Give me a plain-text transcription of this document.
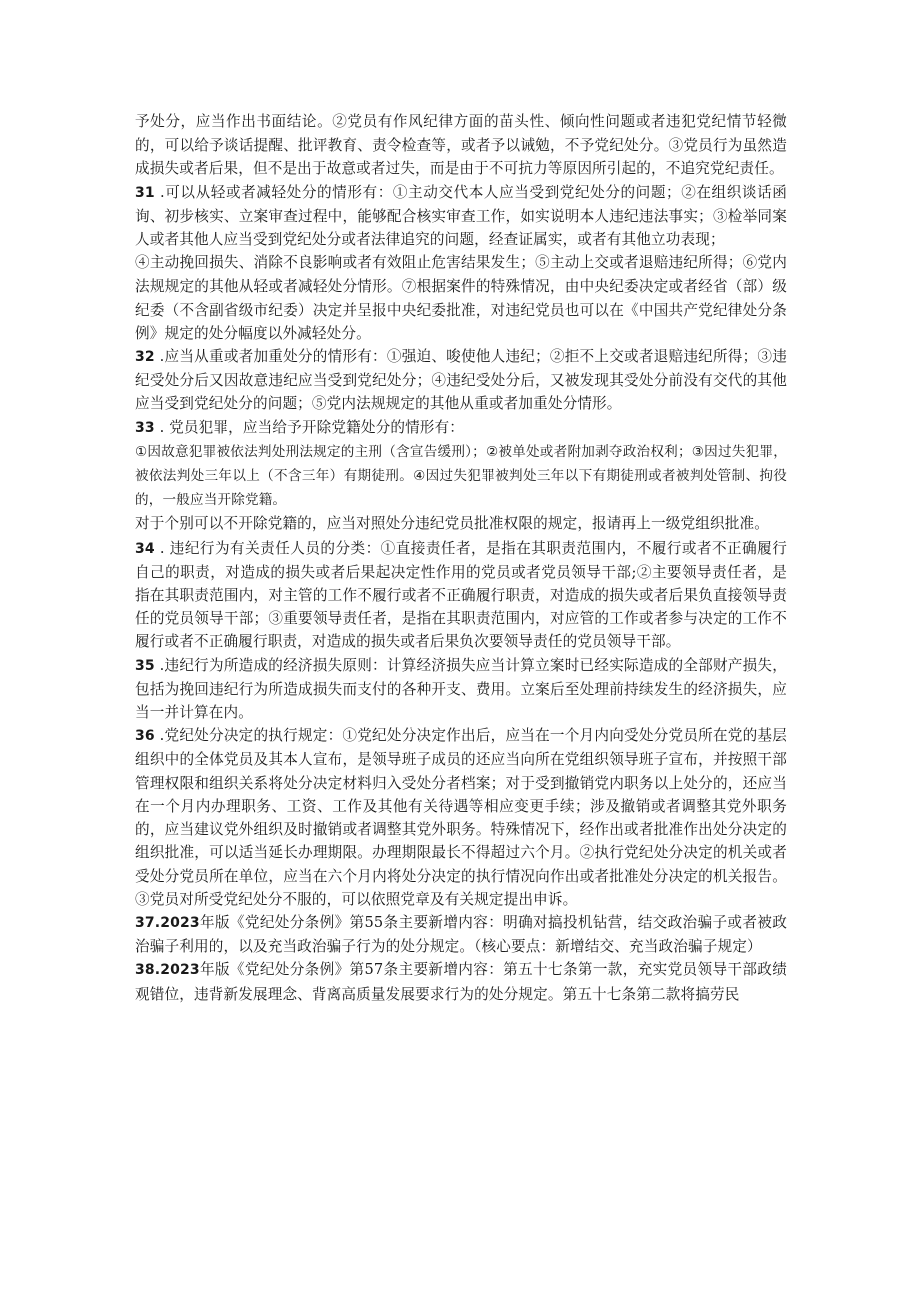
予处分，应当作出书面结论。②党员有作风纪律方面的苗头性、倾向性问题或者违犯党纪情节轻微的，可以给予谈话提醒、批评教育、责令检查等，或者予以诫勉，不予党纪处分。③党员行为虽然造成损失或者后果，但不是出于故意或者过失，而是由于不可抗力等原因所引起的，不追究党纪责任。

31 .可以从轻或者减轻处分的情形有：①主动交代本人应当受到党纪处分的问题；②在组织谈话函询、初步核实、立案审查过程中，能够配合核实审查工作，如实说明本人违纪违法事实；③检举同案人或者其他人应当受到党纪处分或者法律追究的问题，经查证属实，或者有其他立功表现；

④主动挽回损失、消除不良影响或者有效阻止危害结果发生；⑤主动上交或者退赔违纪所得；⑥党内法规规定的其他从轻或者减轻处分情形。⑦根据案件的特殊情况，由中央纪委决定或者经省（部）级纪委（不含副省级市纪委）决定并呈报中央纪委批准，对违纪党员也可以在《中国共产党纪律处分条例》规定的处分幅度以外减轻处分。

32 .应当从重或者加重处分的情形有：①强迫、唆使他人违纪；②拒不上交或者退赔违纪所得；③违纪受处分后又因故意违纪应当受到党纪处分；④违纪受处分后，又被发现其受处分前没有交代的其他应当受到党纪处分的问题；⑤党内法规规定的其他从重或者加重处分情形。

33 . 党员犯罪，应当给予开除党籍处分的情形有：

①因故意犯罪被依法判处刑法规定的主刑（含宣告缓刑）；②被单处或者附加剥夺政治权利；③因过失犯罪，被依法判处三年以上（不含三年）有期徒刑。④因过失犯罪被判处三年以下有期徒刑或者被判处管制、拘役的，一般应当开除党籍。

对于个别可以不开除党籍的，应当对照处分违纪党员批准权限的规定，报请再上一级党组织批准。

34 . 违纪行为有关责任人员的分类：①直接责任者，是指在其职责范围内，不履行或者不正确履行自己的职责，对造成的损失或者后果起决定性作用的党员或者党员领导干部;②主要领导责任者，是指在其职责范围内，对主管的工作不履行或者不正确履行职责，对造成的损失或者后果负直接领导责任的党员领导干部；③重要领导责任者，是指在其职责范围内，对应管的工作或者参与决定的工作不履行或者不正确履行职责，对造成的损失或者后果负次要领导责任的党员领导干部。

35 .违纪行为所造成的经济损失原则：计算经济损失应当计算立案时已经实际造成的全部财产损失，包括为挽回违纪行为所造成损失而支付的各种开支、费用。立案后至处理前持续发生的经济损失，应当一并计算在内。

36 .党纪处分决定的执行规定：①党纪处分决定作出后，应当在一个月内向受处分党员所在党的基层组织中的全体党员及其本人宣布，是领导班子成员的还应当向所在党组织领导班子宣布，并按照干部管理权限和组织关系将处分决定材料归入受处分者档案；对于受到撤销党内职务以上处分的，还应当在一个月内办理职务、工资、工作及其他有关待遇等相应变更手续；涉及撤销或者调整其党外职务的，应当建议党外组织及时撤销或者调整其党外职务。特殊情况下，经作出或者批准作出处分决定的组织批准，可以适当延长办理期限。办理期限最长不得超过六个月。②执行党纪处分决定的机关或者受处分党员所在单位，应当在六个月内将处分决定的执行情况向作出或者批准处分决定的机关报告。③党员对所受党纪处分不服的，可以依照党章及有关规定提出申诉。

37.2023年版《党纪处分条例》第55条主要新增内容：明确对搞投机钻营，结交政治骗子或者被政治骗子利用的，以及充当政治骗子行为的处分规定。（核心要点：新增结交、充当政治骗子规定）

38.2023年版《党纪处分条例》第57条主要新增内容：第五十七条第一款，充实党员领导干部政绩观错位，违背新发展理念、背离高质量发展要求行为的处分规定。第五十七条第二款将搞劳民
